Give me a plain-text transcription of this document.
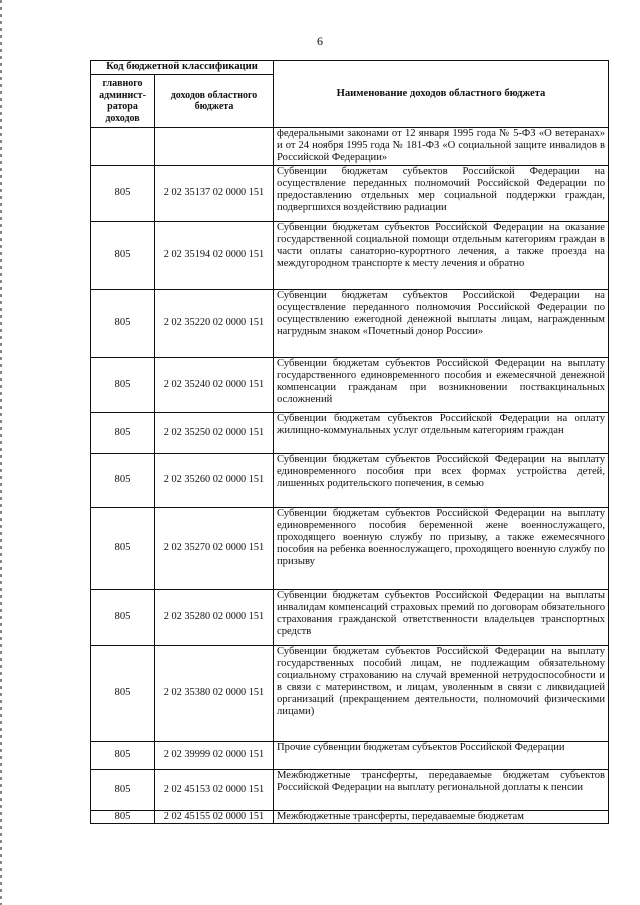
6
Код бюджетной классификации		Наименование доходов областного бюджета
главного админист-ратора доходов	доходов областного бюджета	
		федеральными законами от 12 января 1995 года № 5-ФЗ «О ветеранах» и от 24 ноября 1995 года № 181-ФЗ «О социальной защите инвалидов в Российской Федерации»
805	2 02 35137 02 0000 151	Субвенции бюджетам субъектов Российской Федерации на осуществление переданных полномочий Российской Федерации по предоставлению отдельных мер социальной поддержки граждан, подвергшихся воздействию радиации
805	2 02 35194 02 0000 151	Субвенции бюджетам субъектов Российской Федерации на оказание государственной социальной помощи отдельным категориям граждан в части оплаты санаторно-курортного лечения, а также проезда на междугородном транспорте к месту лечения и обратно
805	2 02 35220 02 0000 151	Субвенции бюджетам субъектов Российской Федерации на осуществление переданного полномочия Российской Федерации по осуществлению ежегодной денежной выплаты лицам, награжденным нагрудным знаком «Почетный донор России»
805	2 02 35240 02 0000 151	Субвенции бюджетам субъектов Российской Федерации на выплату государственного единовременного пособия и ежемесячной денежной компенсации гражданам при возникновении поствакцинальных осложнений
805	2 02 35250 02 0000 151	Субвенции бюджетам субъектов Российской Федерации на оплату жилищно-коммунальных услуг отдельным категориям граждан
805	2 02 35260 02 0000 151	Субвенции бюджетам субъектов Российской Федерации на выплату единовременного пособия при всех формах устройства детей, лишенных родительского попечения, в семью
805	2 02 35270 02 0000 151	Субвенции бюджетам субъектов Российской Федерации на выплату единовременного пособия беременной жене военнослужащего, проходящего военную службу по призыву, а также ежемесячного пособия на ребенка военнослужащего, проходящего военную службу по призыву
805	2 02 35280 02 0000 151	Субвенции бюджетам субъектов Российской Федерации на выплаты инвалидам компенсаций страховых премий по договорам обязательного страхования гражданской ответственности владельцев транспортных средств
805	2 02 35380 02 0000 151	Субвенции бюджетам субъектов Российской Федерации на выплату государственных пособий лицам, не подлежащим обязательному социальному страхованию на случай временной нетрудоспособности и в связи с материнством, и лицам, уволенным в связи с ликвидацией организаций (прекращением деятельности, полномочий физическими лицами)
805	2 02 39999 02 0000 151	Прочие субвенции бюджетам субъектов Российской Федерации
805	2 02 45153 02 0000 151	Межбюджетные трансферты, передаваемые бюджетам субъектов Российской Федерации на выплату региональной доплаты к пенсии
805	2 02 45155 02 0000 151	Межбюджетные трансферты, передаваемые бюджетам
